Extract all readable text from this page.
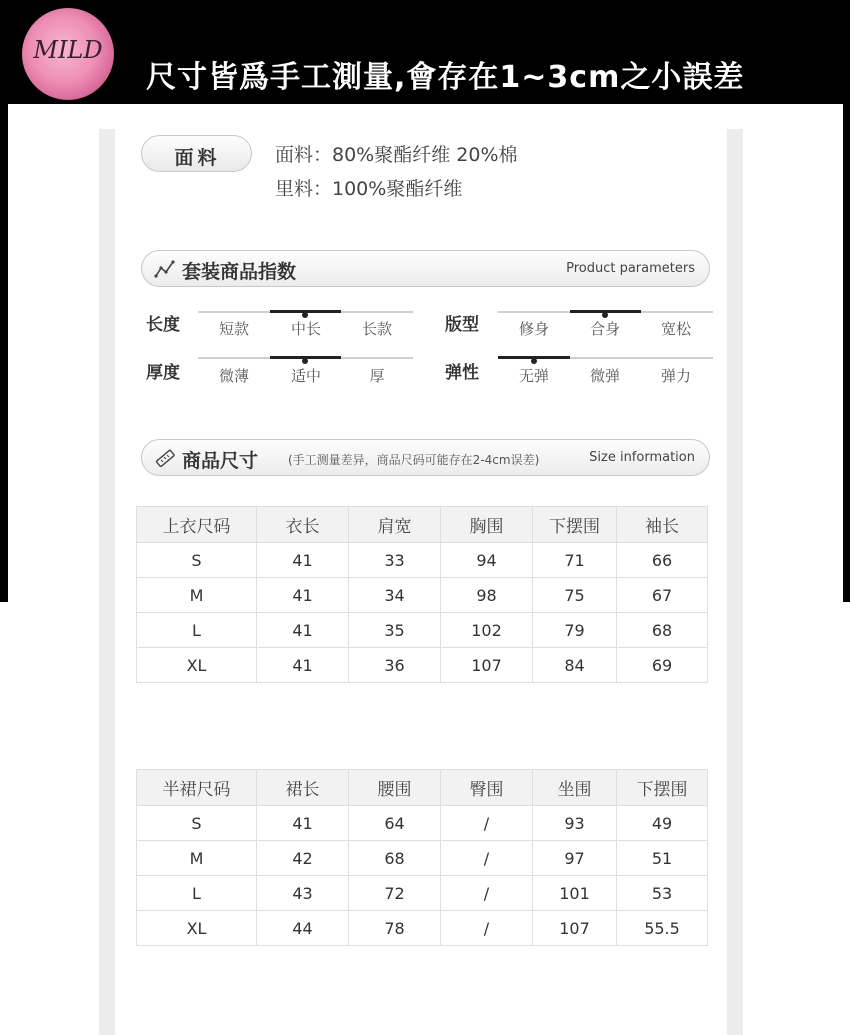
MILD
尺寸皆爲手工測量,會存在1~3cm之小誤差
面料	面料：80%聚酯纤维 20%棉
里料：100%聚酯纤维
套装商品指数	Product parameters
长度	短款	中长	长款	版型	修身	合身	宽松
厚度	微薄	适中	厚	弹性	无弹	微弹	弹力
商品尺寸 (手工测量差异，商品尺码可能存在2-4cm误差)	Size information
上衣尺码	衣长	肩宽	胸围	下摆围	袖长
S	41	33	94	71	66
M	41	34	98	75	67
L	41	35	102	79	68
XL	41	36	107	84	69
半裙尺码	裙长	腰围	臀围	坐围	下摆围
S	41	64	/	93	49
M	42	68	/	97	51
L	43	72	/	101	53
XL	44	78	/	107	55.5
